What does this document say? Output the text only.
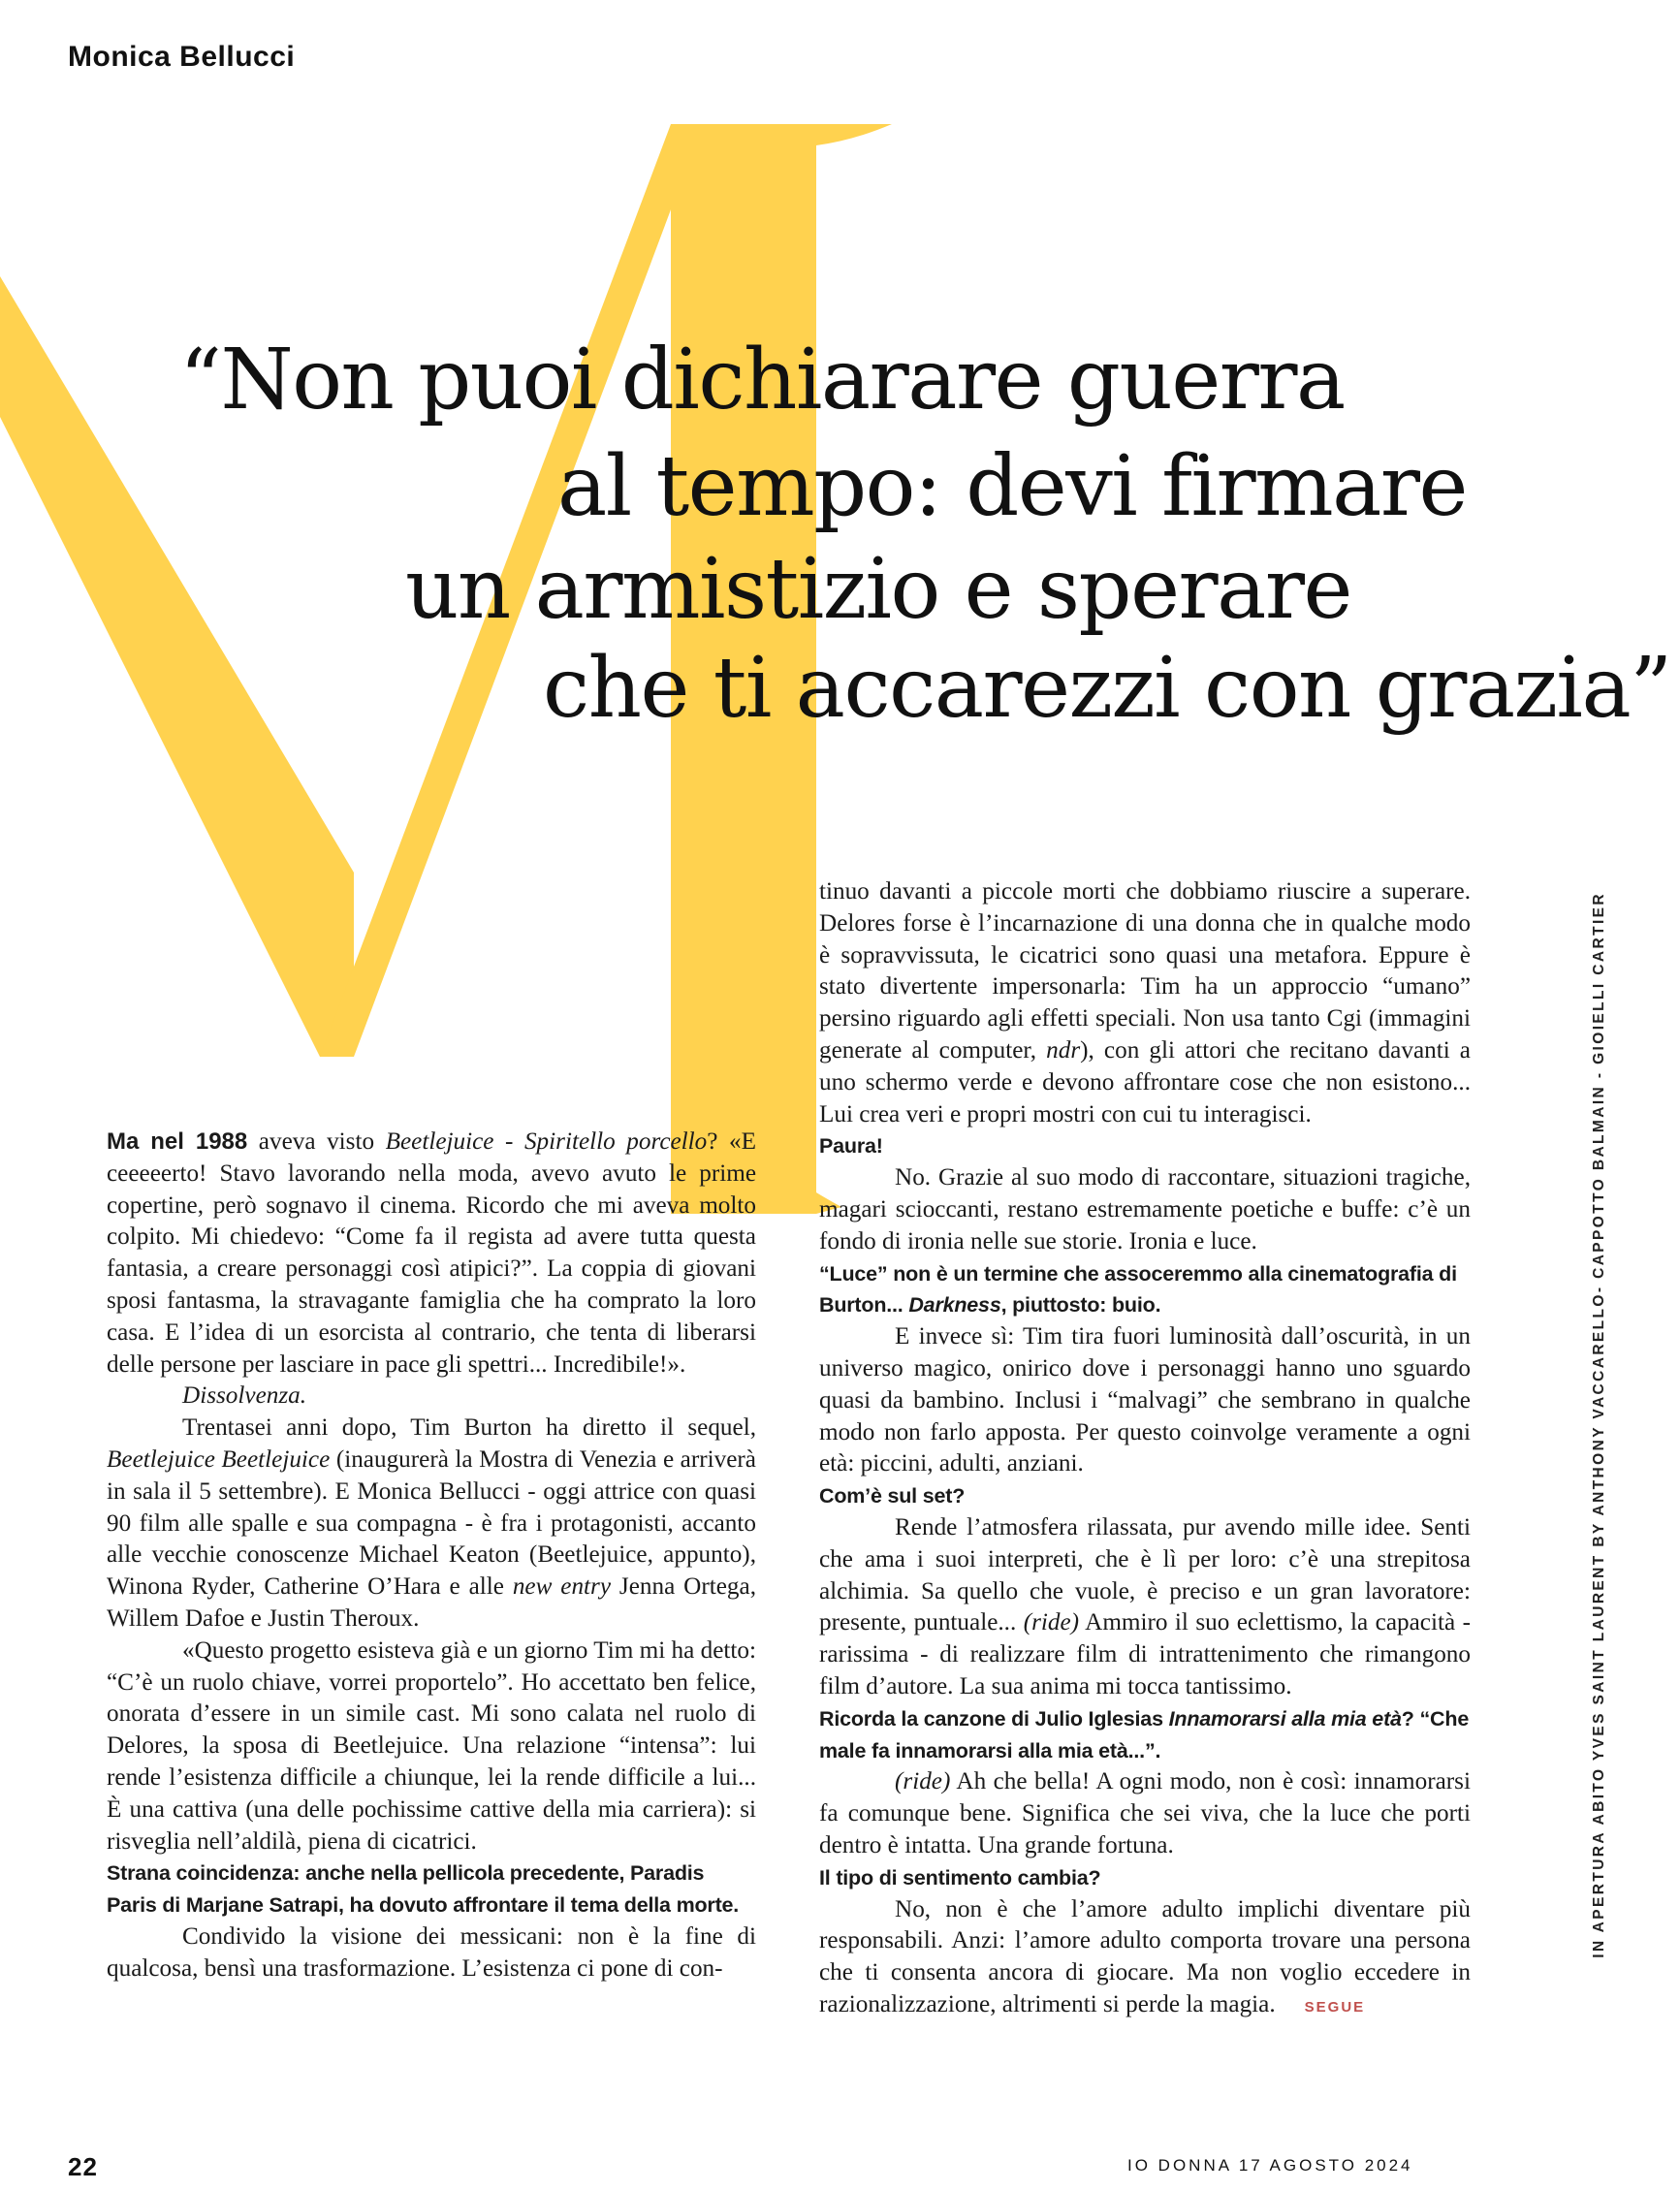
Monica Bellucci
“Non puoi dichiarare guerra
al tempo: devi firmare
un armistizio e sperare
che ti accarezzi con grazia”

Ma nel 1988 aveva visto Beetlejuice - Spiritello porcello? «E ceeeeerto! Stavo lavorando nella moda, avevo avuto le prime copertine, però sognavo il cinema. Ricordo che mi aveva molto colpito. Mi chiedevo: “Come fa il regista ad avere tutta questa fantasia, a creare personaggi così atipici?”. La coppia di giovani sposi fantasma, la stravagante famiglia che ha comprato la loro casa. E l’idea di un esorcista al contrario, che tenta di liberarsi delle persone per lasciare in pace gli spettri... Incredibile!».

Dissolvenza.

Trentasei anni dopo, Tim Burton ha diretto il sequel, Beetlejuice Beetlejuice (inaugurerà la Mostra di Venezia e arriverà in sala il 5 settembre). E Monica Bellucci - oggi attrice con quasi 90 film alle spalle e sua compagna - è fra i protagonisti, accanto alle vecchie conoscenze Michael Keaton (Beetlejuice, appunto), Winona Ryder, Catherine O’Hara e alle new entry Jenna Ortega, Willem Dafoe e Justin Theroux.

«Questo progetto esisteva già e un giorno Tim mi ha detto: “C’è un ruolo chiave, vorrei proportelo”. Ho accettato ben felice, onorata d’essere in un simile cast. Mi sono calata nel ruolo di Delores, la sposa di Beetlejuice. Una relazione “intensa”: lui rende l’esistenza difficile a chiunque, lei la rende difficile a lui... È una cattiva (una delle pochissime cattive della mia carriera): si risveglia nell’aldilà, piena di cicatrici.

Strana coincidenza: anche nella pellicola precedente, Paradis Paris di Marjane Satrapi, ha dovuto affrontare il tema della morte.

Condivido la visione dei messicani: non è la fine di qualcosa, bensì una trasformazione. L’esistenza ci pone di con-

tinuo davanti a piccole morti che dobbiamo riuscire a superare. Delores forse è l’incarnazione di una donna che in qualche modo è sopravvissuta, le cicatrici sono quasi una metafora. Eppure è stato divertente impersonarla: Tim ha un approccio “umano” persino riguardo agli effetti speciali. Non usa tanto Cgi (immagini generate al computer, ndr), con gli attori che recitano davanti a uno schermo verde e devono affrontare cose che non esistono... Lui crea veri e propri mostri con cui tu interagisci.

Paura!

No. Grazie al suo modo di raccontare, situazioni tragiche, magari scioccanti, restano estremamente poetiche e buffe: c’è un fondo di ironia nelle sue storie. Ironia e luce.

“Luce” non è un termine che assoceremmo alla cinematografia di Burton... Darkness, piuttosto: buio.

E invece sì: Tim tira fuori luminosità dall’oscurità, in un universo magico, onirico dove i personaggi hanno uno sguardo quasi da bambino. Inclusi i “malvagi” che sembrano in qualche modo non farlo apposta. Per questo coinvolge veramente a ogni età: piccini, adulti, anziani.

Com’è sul set?

Rende l’atmosfera rilassata, pur avendo mille idee. Senti che ama i suoi interpreti, che è lì per loro: c’è una strepitosa alchimia. Sa quello che vuole, è preciso e un gran lavoratore: presente, puntuale... (ride) Ammiro il suo eclettismo, la capacità - rarissima - di realizzare film di intrattenimento che rimangono film d’autore. La sua anima mi tocca tantissimo.

Ricorda la canzone di Julio Iglesias Innamorarsi alla mia età? “Che male fa innamorarsi alla mia età...”.

(ride) Ah che bella! A ogni modo, non è così: innamorarsi fa comunque bene. Significa che sei viva, che la luce che porti dentro è intatta. Una grande fortuna.

Il tipo di sentimento cambia?

No, non è che l’amore adulto implichi diventare più responsabili. Anzi: l’amore adulto comporta trovare una persona che ti consenta ancora di giocare. Ma non voglio eccedere in razionalizzazione, altrimenti si perde la magia. SEGUE

22	IO DONNA 17 AGOSTO 2024
IN APERTURA ABITO YVES SAINT LAURENT BY ANTHONY VACCARELLO- CAPPOTTO BALMAIN - GIOIELLI CARTIER
